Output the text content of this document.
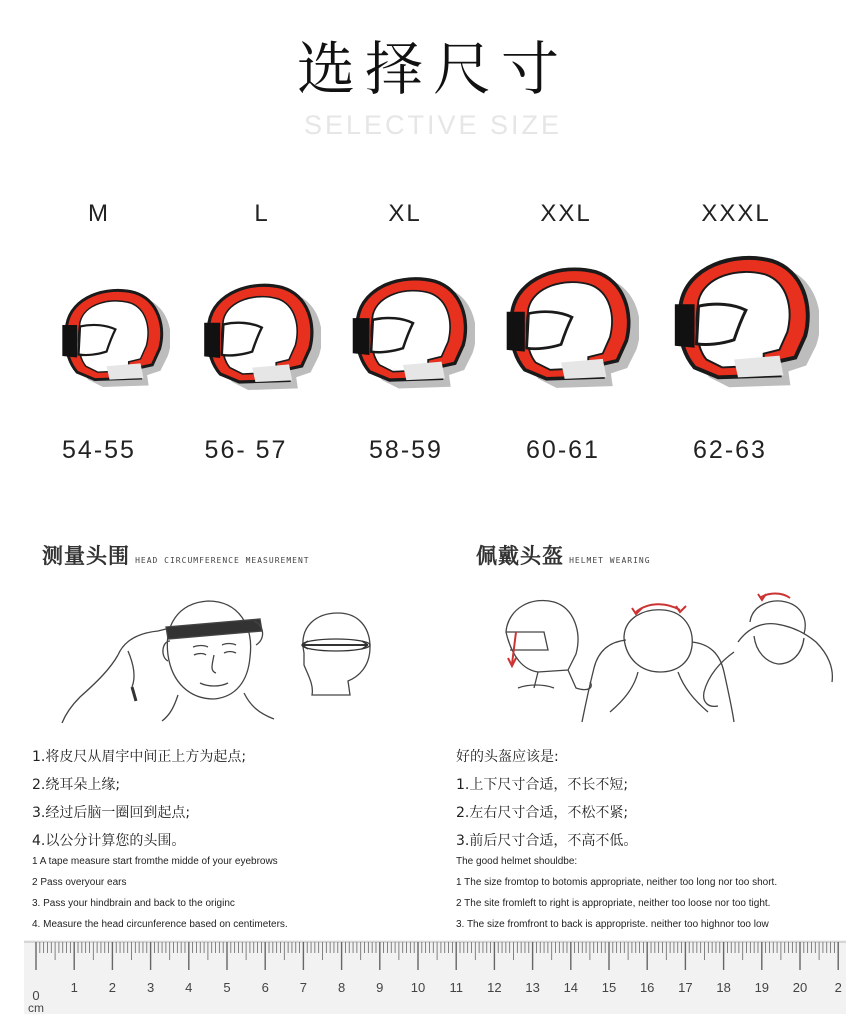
选择尺寸
SELECTIVE SIZE
M	L	XL	XXL	XXXL
54-55	56- 57	58-59	60-61	62-63
测量头围 HEAD CIRCUMFERENCE MEASUREMENT
1.将皮尺从眉宇中间正上方为起点;
2.绕耳朵上缘;
3.经过后脑一圈回到起点;
4.以公分计算您的头围。
1 A tape measure start fromthe midde of your eyebrows
2 Pass overyour ears
3. Pass your hindbrain and back to the originc
4. Measure the head circunference based on centimeters.
佩戴头盔 HELMET WEARING
好的头盔应该是:
1.上下尺寸合适，不长不短;
2.左右尺寸合适，不松不紧;
3.前后尺寸合适，不高不低。
The good helmet shouldbe:
1 The size fromtop to botomis appropriate, neither too long nor too short.
2 The site fromleft to right is appropriate, neither too loose nor too tight.
3. The size fromfront to back is appropriste. neither too highnor too low
0
cm
1 2 3 4 5 6 7 8 9 10 11 12 13 14 15 16 17 18 19 20 2
